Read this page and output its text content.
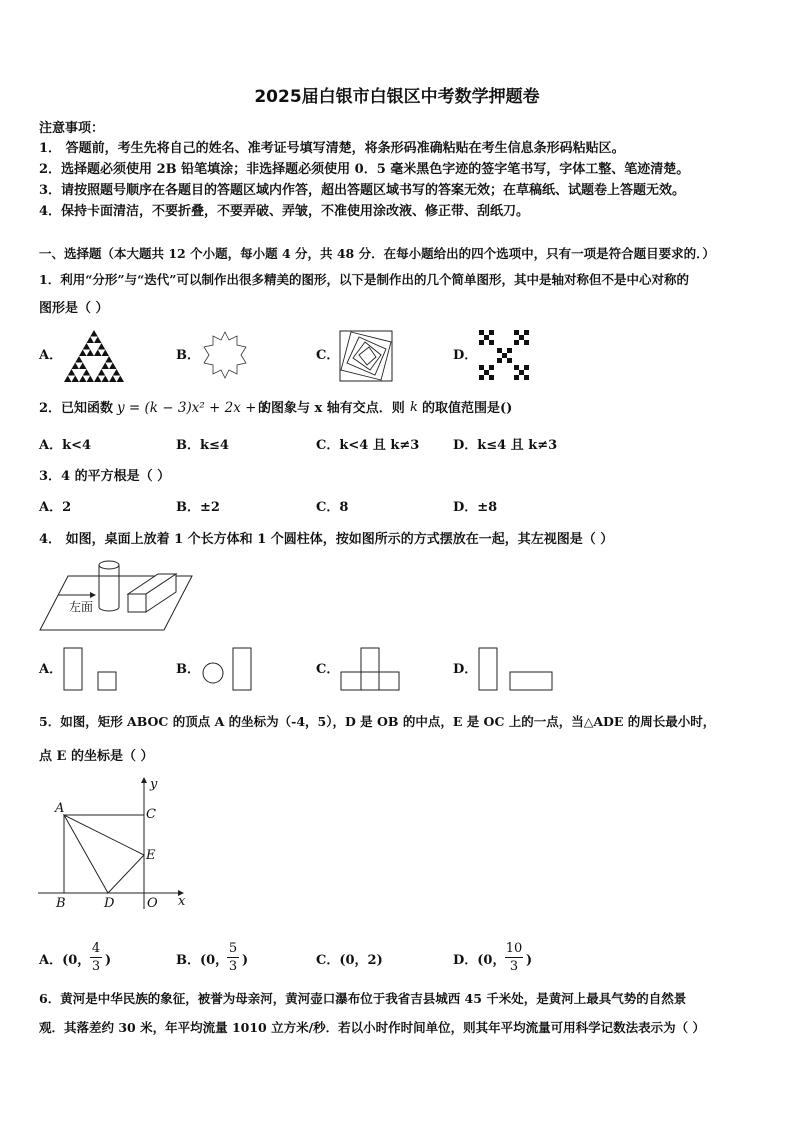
2025届白银市白银区中考数学押题卷
注意事项：
1． 答题前，考生先将自己的姓名、准考证号填写清楚，将条形码准确粘贴在考生信息条形码粘贴区。
2．选择题必须使用 2B 铅笔填涂；非选择题必须使用 0．5 毫米黑色字迹的签字笔书写，字体工整、笔迹清楚。
3．请按照题号顺序在各题目的答题区域内作答，超出答题区域书写的答案无效；在草稿纸、试题卷上答题无效。
4．保持卡面清洁，不要折叠，不要弄破、弄皱，不准使用涂改液、修正带、刮纸刀。
一、选择题（本大题共 12 个小题，每小题 4 分，共 48 分．在每小题给出的四个选项中，只有一项是符合题目要求的．）
1．利用“分形”与“迭代”可以制作出很多精美的图形，以下是制作出的几个简单图形，其中是轴对称但不是中心对称的
图形是（ ）
A．	B．	C．	D．
2．已知函数 y = (k − 3)x² + 2x + 1
的图象与 x 轴有交点．则 k 的取值范围是()
A．k<4	B．k≤4	C．k<4 且 k≠3	D．k≤4 且 k≠3
3．4 的平方根是（ ）
A．2	B．±2	C．8	D．±8
4． 如图，桌面上放着 1 个长方体和 1 个圆柱体，按如图所示的方式摆放在一起，其左视图是（ ）
左面
A．	B．	C．	D．
5．如图，矩形 ABOC 的顶点 A 的坐标为（-4，5），D 是 OB 的中点，E 是 OC 上的一点，当△ADE 的周长最小时，
点 E 的坐标是（ ）
A	C
E
B	D	O x
y
A．(0，
4
3 )	B．(0，
5
3 )	C．(0，2)	D．(0，
10
3 )
6．黄河是中华民族的象征，被誉为母亲河，黄河壶口瀑布位于我省吉县城西 45 千米处，是黄河上最具气势的自然景
观．其落差约 30 米，年平均流量 1010 立方米/秒．若以小时作时间单位，则其年平均流量可用科学记数法表示为（ ）
